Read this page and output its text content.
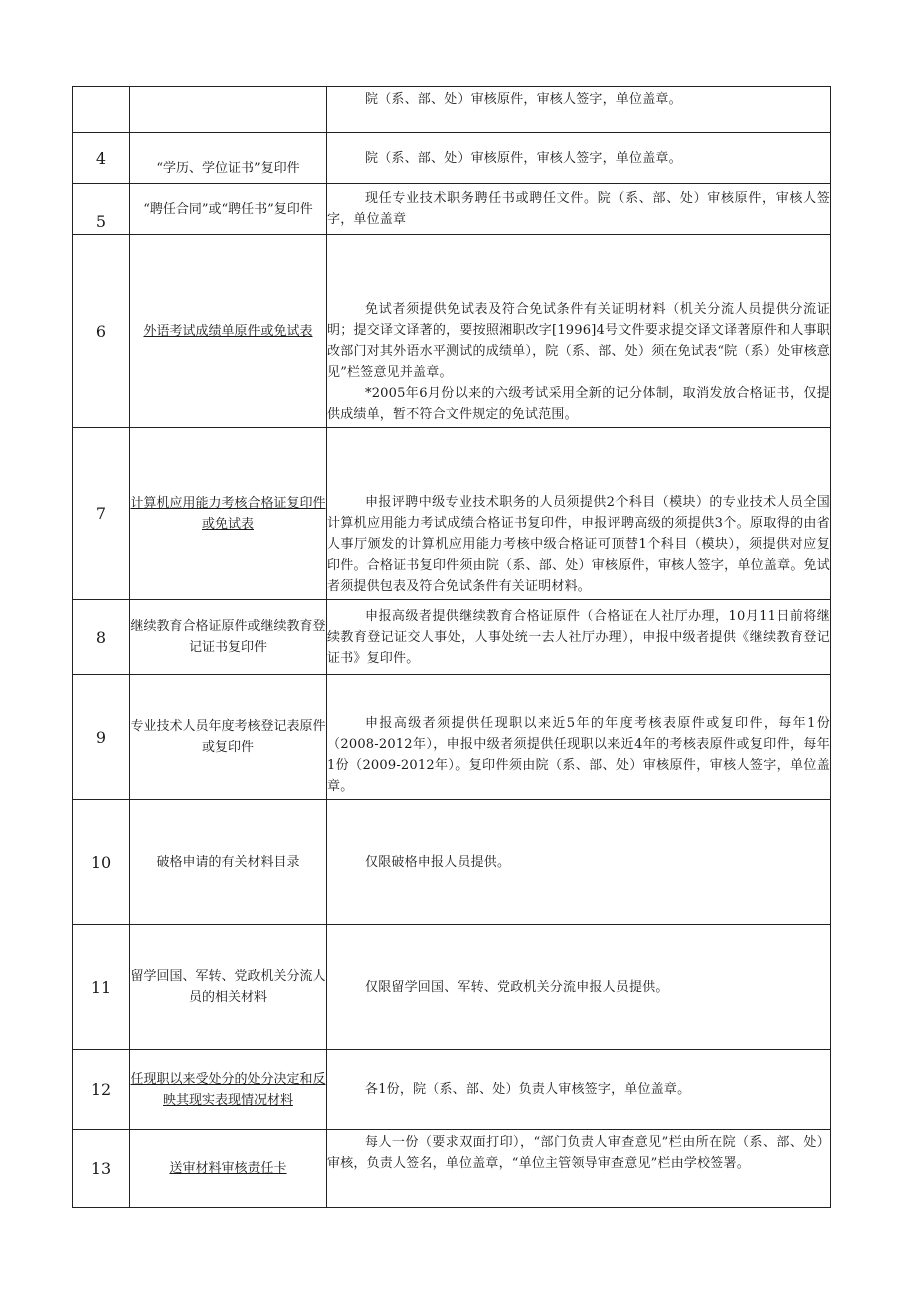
		院（系、部、处）审核原件，审核人签字，单位盖章。

4	“学历、学位证书”复印件	院（系、部、处）审核原件，审核人签字，单位盖章。

5	“聘任合同”或“聘任书”复印件	现任专业技术职务聘任书或聘任文件。院（系、部、处）审核原件，审核人签字，单位盖章

6	外语考试成绩单原件或免试表	免试者须提供免试表及符合免试条件有关证明材料（机关分流人员提供分流证明；提交译文译著的，要按照湘职改字[1996]4号文件要求提交译文译著原件和人事职改部门对其外语水平测试的成绩单），院（系、部、处）须在免试表“院（系）处审核意见”栏签意见并盖章。
*2005年6月份以来的六级考试采用全新的记分体制，取消发放合格证书，仅提供成绩单，暂不符合文件规定的免试范围。

7	计算机应用能力考核合格证复印件或免试表	申报评聘中级专业技术职务的人员须提供2个科目（模块）的专业技术人员全国计算机应用能力考试成绩合格证书复印件，申报评聘高级的须提供3个。原取得的由省人事厅颁发的计算机应用能力考核中级合格证可顶替1个科目（模块），须提供对应复印件。合格证书复印件须由院（系、部、处）审核原件，审核人签字，单位盖章。免试者须提供包表及符合免试条件有关证明材料。

8	继续教育合格证原件或继续教育登记证书复印件	申报高级者提供继续教育合格证原件（合格证在人社厅办理，10月11日前将继续教育登记证交人事处，人事处统一去人社厅办理），申报中级者提供《继续教育登记证书》复印件。

9	专业技术人员年度考核登记表原件或复印件	申报高级者须提供任现职以来近5年的年度考核表原件或复印件，每年1份（2008-2012年），申报中级者须提供任现职以来近4年的考核表原件或复印件，每年1份（2009-2012年）。复印件须由院（系、部、处）审核原件，审核人签字，单位盖章。

10	破格申请的有关材料目录	仅限破格申报人员提供。

11	留学回国、军转、党政机关分流人员的相关材料	仅限留学回国、军转、党政机关分流申报人员提供。

12	任现职以来受处分的处分决定和反映其现实表现情况材料	各1份，院（系、部、处）负责人审核签字，单位盖章。

13	送审材料审核责任卡	每人一份（要求双面打印），“部门负责人审查意见”栏由所在院（系、部、处）审核，负责人签名，单位盖章，“单位主管领导审查意见”栏由学校签署。
